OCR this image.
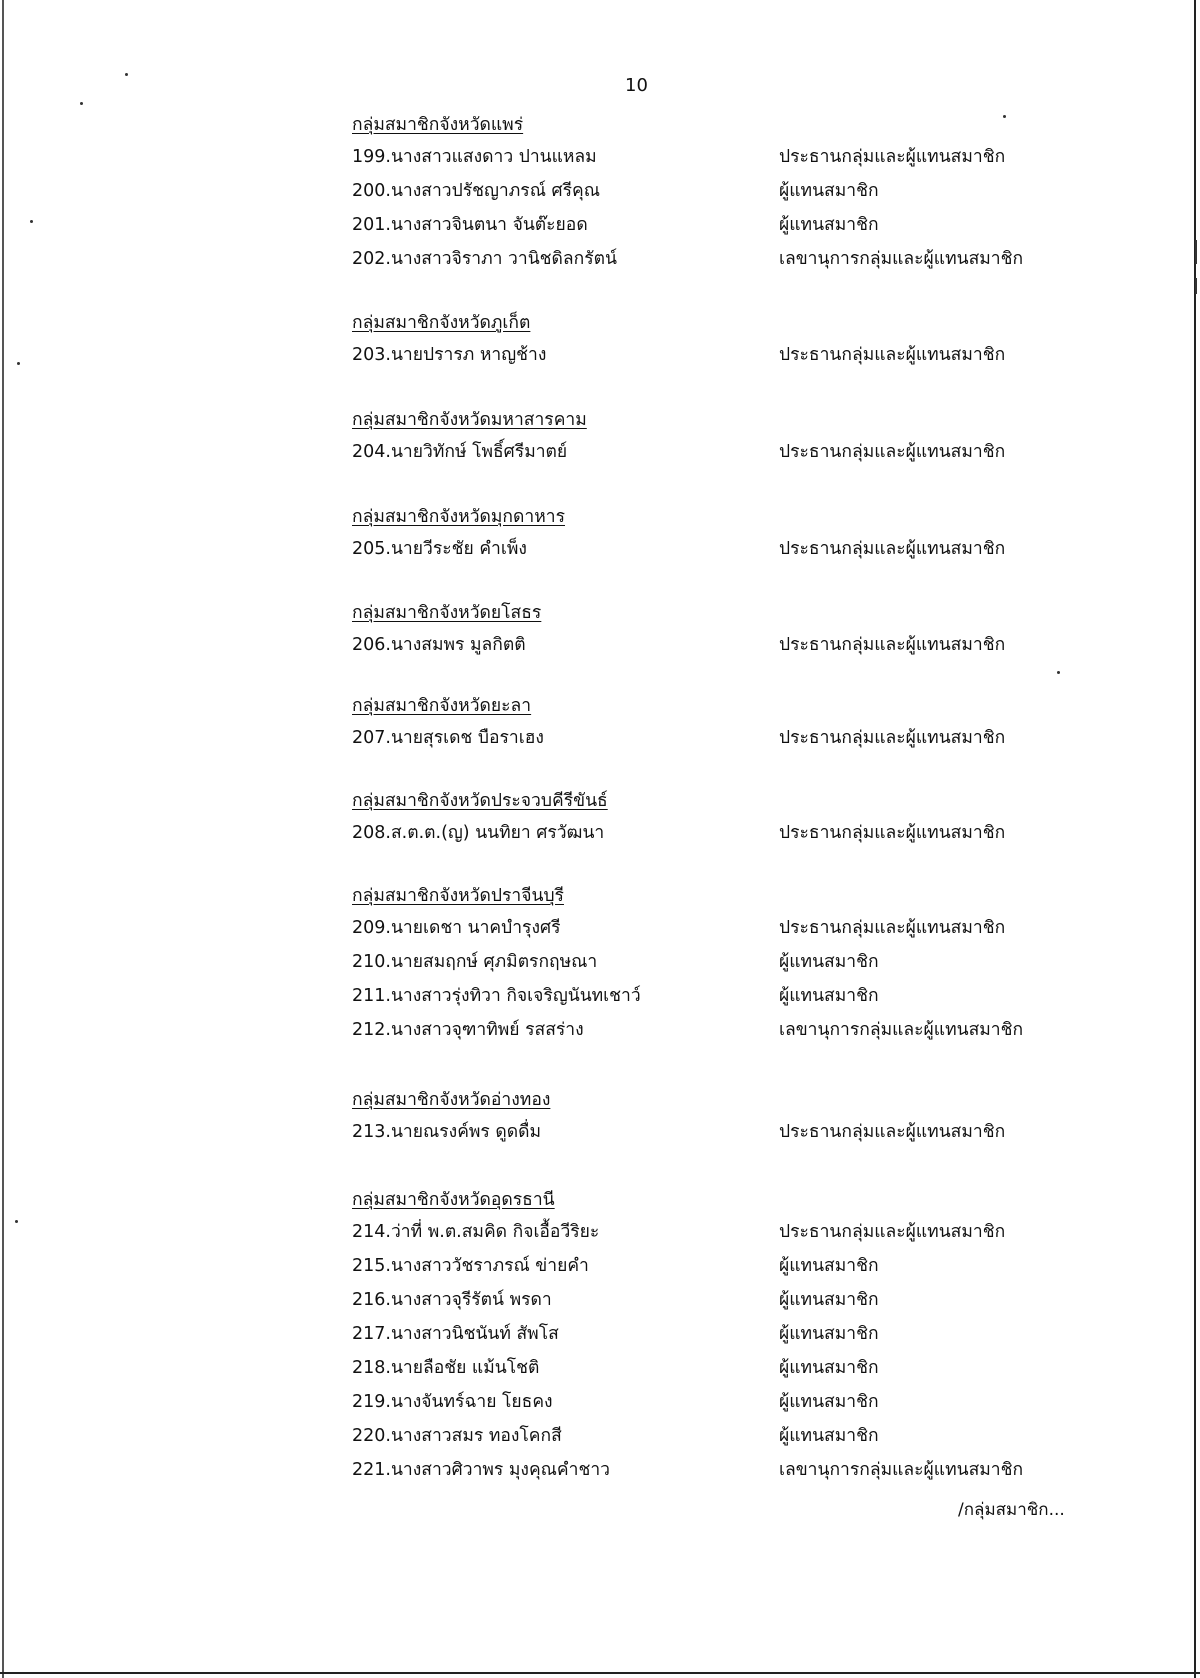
10
กลุ่มสมาชิกจังหวัดแพร่
199.นางสาวแสงดาว ปานแหลม	ประธานกลุ่มและผู้แทนสมาชิก
200.นางสาวปรัชญาภรณ์ ศรีคุณ	ผู้แทนสมาชิก
201.นางสาวจินตนา จันต๊ะยอด	ผู้แทนสมาชิก
202.นางสาวจิราภา วานิชดิลกรัตน์	เลขานุการกลุ่มและผู้แทนสมาชิก
กลุ่มสมาชิกจังหวัดภูเก็ต
203.นายปรารภ หาญช้าง	ประธานกลุ่มและผู้แทนสมาชิก
กลุ่มสมาชิกจังหวัดมหาสารคาม
204.นายวิทักษ์ โพธิ์ศรีมาตย์	ประธานกลุ่มและผู้แทนสมาชิก
กลุ่มสมาชิกจังหวัดมุกดาหาร
205.นายวีระชัย คำเพ็ง	ประธานกลุ่มและผู้แทนสมาชิก
กลุ่มสมาชิกจังหวัดยโสธร
206.นางสมพร มูลกิตติ	ประธานกลุ่มและผู้แทนสมาชิก
กลุ่มสมาชิกจังหวัดยะลา
207.นายสุรเดช บือราเฮง	ประธานกลุ่มและผู้แทนสมาชิก
กลุ่มสมาชิกจังหวัดประจวบคีรีขันธ์
208.ส.ต.ต.(ญ) นนทิยา ศรวัฒนา	ประธานกลุ่มและผู้แทนสมาชิก
กลุ่มสมาชิกจังหวัดปราจีนบุรี
209.นายเดชา นาคบำรุงศรี	ประธานกลุ่มและผู้แทนสมาชิก
210.นายสมฤกษ์ ศุภมิตรกฤษณา	ผู้แทนสมาชิก
211.นางสาวรุ่งทิวา กิจเจริญนันทเชาว์	ผู้แทนสมาชิก
212.นางสาวจุฑาทิพย์ รสสร่าง	เลขานุการกลุ่มและผู้แทนสมาชิก
กลุ่มสมาชิกจังหวัดอ่างทอง
213.นายณรงค์พร ดูดดื่ม	ประธานกลุ่มและผู้แทนสมาชิก
กลุ่มสมาชิกจังหวัดอุดรธานี
214.ว่าที่ พ.ต.สมคิด กิจเอื้อวีริยะ	ประธานกลุ่มและผู้แทนสมาชิก
215.นางสาววัชราภรณ์ ข่ายคำ	ผู้แทนสมาชิก
216.นางสาวจุรีรัตน์ พรดา	ผู้แทนสมาชิก
217.นางสาวนิชนันท์ สัพโส	ผู้แทนสมาชิก
218.นายลือชัย แม้นโชติ	ผู้แทนสมาชิก
219.นางจันทร์ฉาย โยธคง	ผู้แทนสมาชิก
220.นางสาวสมร ทองโคกสี	ผู้แทนสมาชิก
221.นางสาวศิวาพร มุงคุณคำชาว	เลขานุการกลุ่มและผู้แทนสมาชิก
/กลุ่มสมาชิก...
